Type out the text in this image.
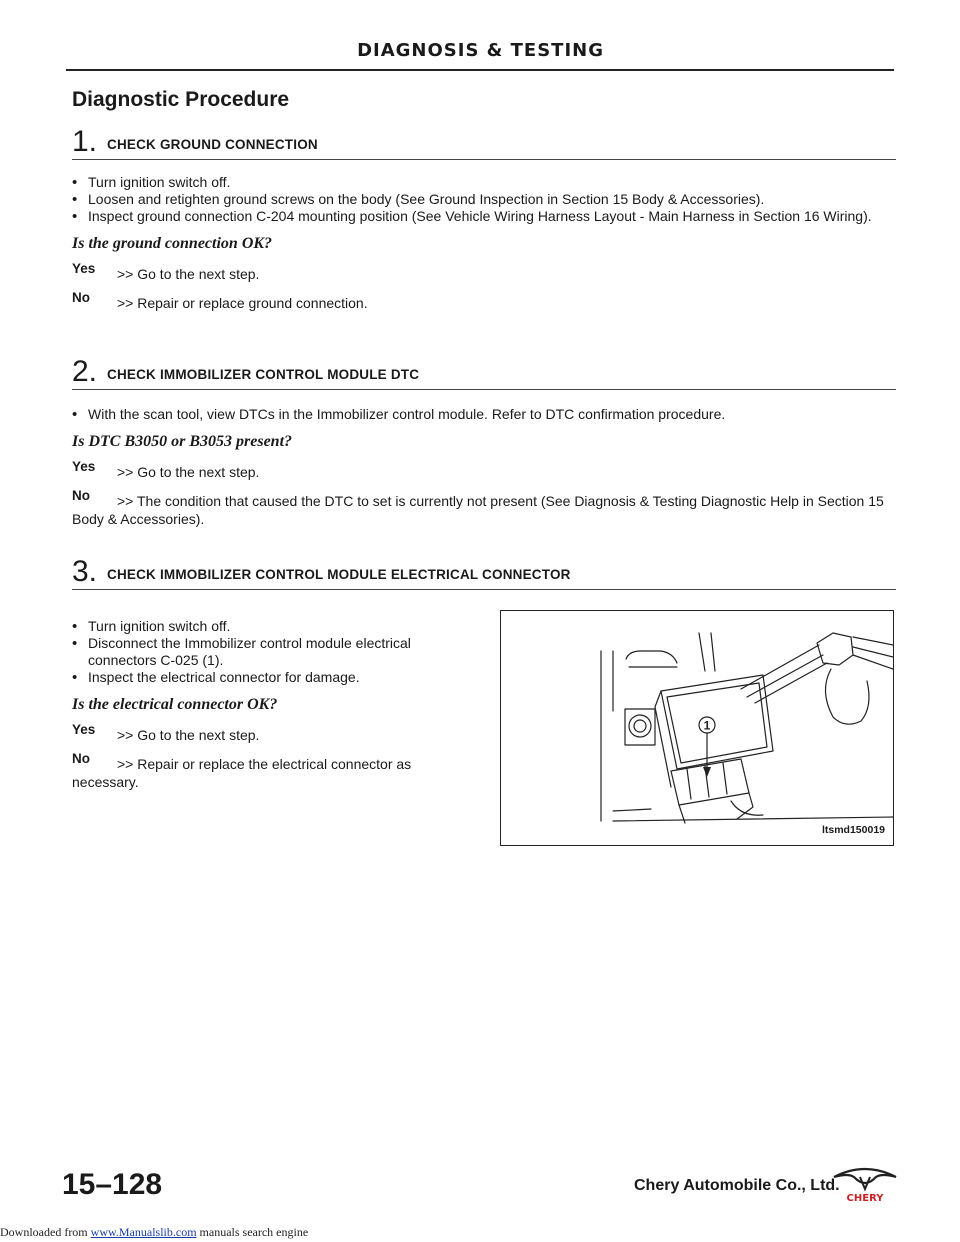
DIAGNOSIS & TESTING
Diagnostic Procedure
1. CHECK GROUND CONNECTION
• Turn ignition switch off.
• Loosen and retighten ground screws on the body (See Ground Inspection in Section 15 Body & Accessories).
• Inspect ground connection C-204 mounting position (See Vehicle Wiring Harness Layout - Main Harness in Section 16 Wiring).
Is the ground connection OK?
Yes	>> Go to the next step.
No	>> Repair or replace ground connection.
2. CHECK IMMOBILIZER CONTROL MODULE DTC
• With the scan tool, view DTCs in the Immobilizer control module. Refer to DTC confirmation procedure.
Is DTC B3050 or B3053 present?
Yes	>> Go to the next step.
No	>> The condition that caused the DTC to set is currently not present (See Diagnosis & Testing Diagnostic Help in Section 15 Body & Accessories).
3. CHECK IMMOBILIZER CONTROL MODULE ELECTRICAL CONNECTOR
• Turn ignition switch off.
• Disconnect the Immobilizer control module electrical connectors C-025 (1).
• Inspect the electrical connector for damage.
Is the electrical connector OK?
Yes	>> Go to the next step.
No	>> Repair or replace the electrical connector as necessary.
1
ltsmd150019
15–128	Chery Automobile Co., Ltd.
CHERY
Downloaded from www.Manualslib.com manuals search engine
